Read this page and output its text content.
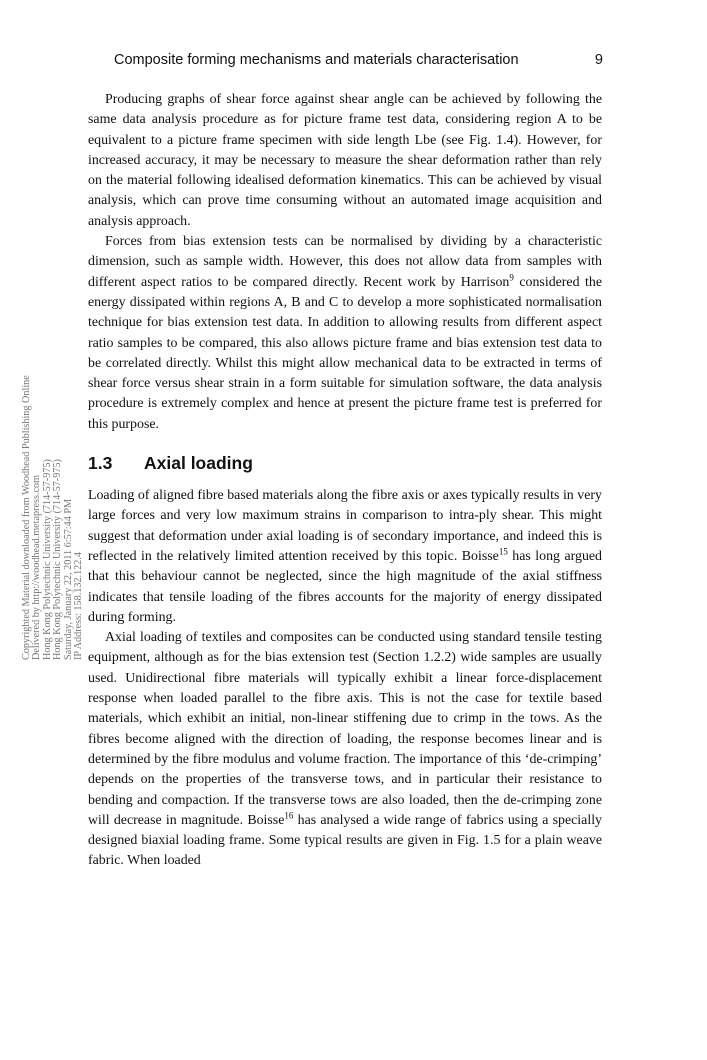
Composite forming mechanisms and materials characterisation	9

Producing graphs of shear force against shear angle can be achieved by following the same data analysis procedure as for picture frame test data, considering region A to be equivalent to a picture frame specimen with side length Lbe (see Fig. 1.4). However, for increased accuracy, it may be necessary to measure the shear deformation rather than rely on the material following idealised deformation kinematics. This can be achieved by visual analysis, which can prove time consuming without an automated image acquisition and analysis approach.

Forces from bias extension tests can be normalised by dividing by a characteristic dimension, such as sample width. However, this does not allow data from samples with different aspect ratios to be compared directly. Recent work by Harrison$^9$ considered the energy dissipated within regions A, B and C to develop a more sophisticated normalisation technique for bias extension test data. In addition to allowing results from different aspect ratio samples to be compared, this also allows picture frame and bias extension test data to be correlated directly. Whilst this might allow mechanical data to be extracted in terms of shear force versus shear strain in a form suitable for simulation software, the data analysis procedure is extremely complex and hence at present the picture frame test is preferred for this purpose.

1.3 Axial loading

Loading of aligned fibre based materials along the fibre axis or axes typically results in very large forces and very low maximum strains in comparison to intra-ply shear. This might suggest that deformation under axial loading is of secondary importance, and indeed this is reflected in the relatively limited attention received by this topic. Boisse$^{15}$ has long argued that this behaviour cannot be neglected, since the high magnitude of the axial stiffness indicates that tensile loading of the fibres accounts for the majority of energy dissipated during forming.

Axial loading of textiles and composites can be conducted using standard tensile testing equipment, although as for the bias extension test (Section 1.2.2) wide samples are usually used. Unidirectional fibre materials will typically exhibit a linear force-displacement response when loaded parallel to the fibre axis. This is not the case for textile based materials, which exhibit an initial, non-linear stiffening due to crimp in the tows. As the fibres become aligned with the direction of loading, the response becomes linear and is determined by the fibre modulus and volume fraction. The importance of this ‘de-crimping’ depends on the properties of the transverse tows, and in particular their resistance to bending and compaction. If the transverse tows are also loaded, then the de-crimping zone will decrease in magnitude. Boisse$^{16}$ has analysed a wide range of fabrics using a specially designed biaxial loading frame. Some typical results are given in Fig. 1.5 for a plain weave fabric. When loaded

Copyrighted Material downloaded from Woodhead Publishing Online Delivered by http://woodhead.metapress.com Hong Kong Polytechnic University (714-57-975) Hong Kong Polytechnic University (714-57-975) Saturday, January 22, 2011 6:57:44 PM IP Address: 158.132.122.4
